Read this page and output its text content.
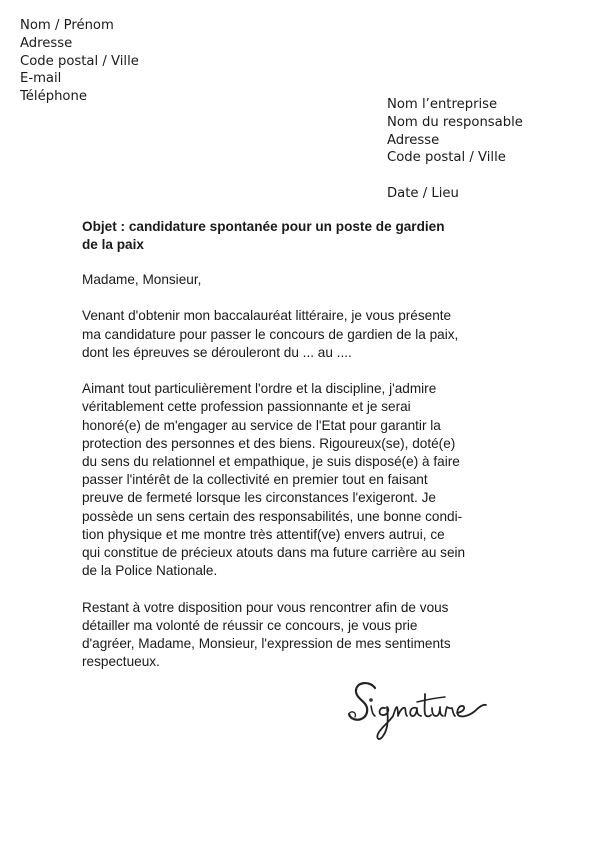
Nom / Prénom
Adresse
Code postal / Ville
E-mail
Téléphone
Nom l’entreprise
Nom du responsable
Adresse
Code postal / Ville
Date / Lieu
Objet : candidature spontanée pour un poste de gardien
de la paix
Madame, Monsieur,
Venant d'obtenir mon baccalauréat littéraire, je vous présente
ma candidature pour passer le concours de gardien de la paix,
dont les épreuves se dérouleront du ... au ....
Aimant tout particulièrement l'ordre et la discipline, j'admire
véritablement cette profession passionnante et je serai
honoré(e) de m'engager au service de l'Etat pour garantir la
protection des personnes et des biens. Rigoureux(se), doté(e)
du sens du relationnel et empathique, je suis disposé(e) à faire
passer l'intérêt de la collectivité en premier tout en faisant
preuve de fermeté lorsque les circonstances l'exigeront. Je
possède un sens certain des responsabilités, une bonne condi-
tion physique et me montre très attentif(ve) envers autrui, ce
qui constitue de précieux atouts dans ma future carrière au sein
de la Police Nationale.
Restant à votre disposition pour vous rencontrer afin de vous
détailler ma volonté de réussir ce concours, je vous prie
d'agréer, Madame, Monsieur, l'expression de mes sentiments
respectueux.
